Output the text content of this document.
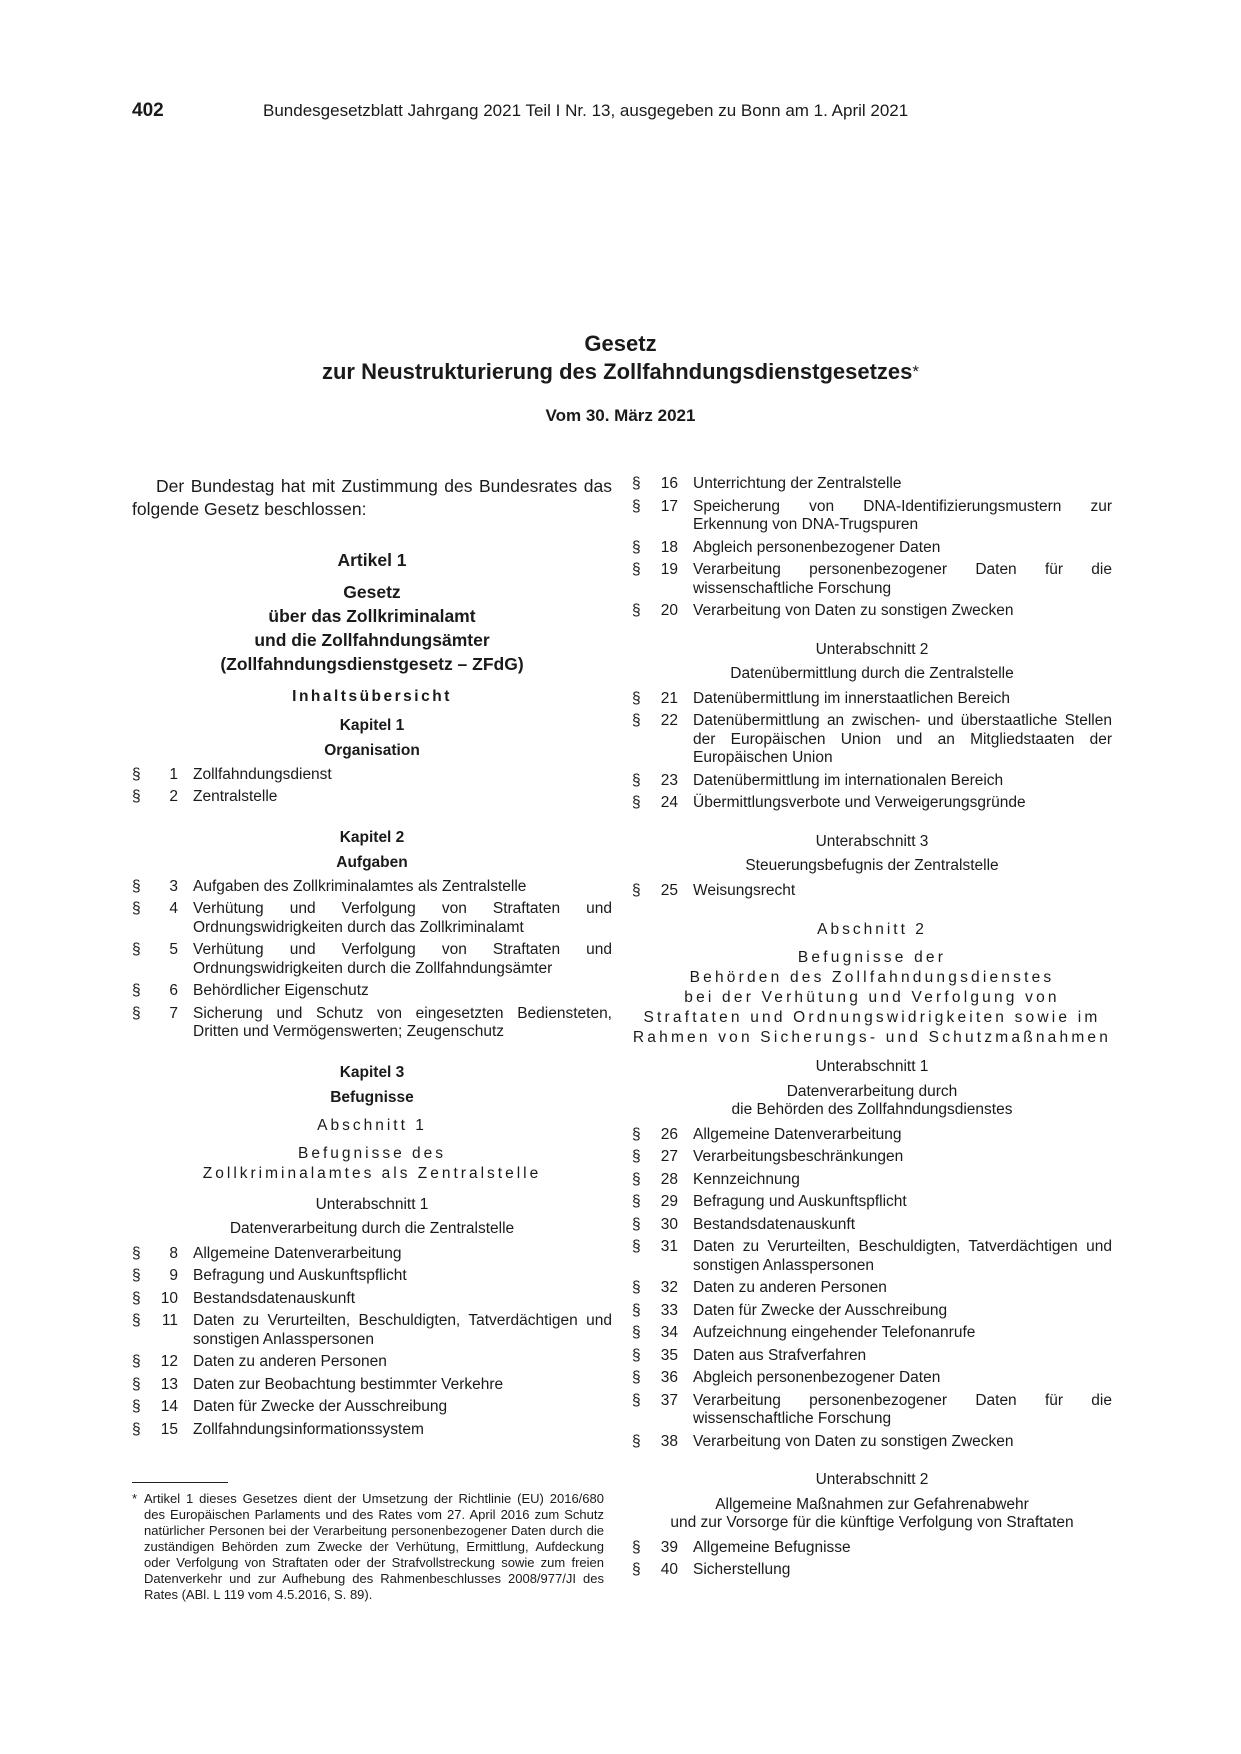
402	Bundesgesetzblatt Jahrgang 2021 Teil I Nr. 13, ausgegeben zu Bonn am 1. April 2021
Gesetz
zur Neustrukturierung des Zollfahndungsdienstgesetzes*
Vom 30. März 2021

Der Bundestag hat mit Zustimmung des Bundesrates das folgende Gesetz beschlossen:

Artikel 1
Gesetz
über das Zollkriminalamt
und die Zollfahndungsämter
(Zollfahndungsdienstgesetz – ZFdG)
Inhaltsübersicht
Kapitel 1
Organisation
§	1 Zollfahndungsdienst
§	2 Zentralstelle
Kapitel 2
Aufgaben
§	3 Aufgaben des Zollkriminalamtes als Zentralstelle
§	4 Verhütung und Verfolgung von Straftaten und Ordnungswidrigkeiten durch das Zollkriminalamt
§	5 Verhütung und Verfolgung von Straftaten und Ordnungswidrigkeiten durch die Zollfahndungsämter
§	6 Behördlicher Eigenschutz
§	7 Sicherung und Schutz von eingesetzten Bediensteten, Dritten und Vermögenswerten; Zeugenschutz
Kapitel 3
Befugnisse
Abschnitt 1
Befugnisse des
Zollkriminalamtes als Zentralstelle
Unterabschnitt 1
Datenverarbeitung durch die Zentralstelle
§	8 Allgemeine Datenverarbeitung
§	9 Befragung und Auskunftspflicht
§	10 Bestandsdatenauskunft
§	11 Daten zu Verurteilten, Beschuldigten, Tatverdächtigen und sonstigen Anlasspersonen
§	12 Daten zu anderen Personen
§	13 Daten zur Beobachtung bestimmter Verkehre
§	14 Daten für Zwecke der Ausschreibung
§	15 Zollfahndungsinformationssystem
§	16 Unterrichtung der Zentralstelle
§	17 Speicherung von DNA-Identifizierungsmustern zur Erkennung von DNA-Trugspuren
§	18 Abgleich personenbezogener Daten
§	19 Verarbeitung personenbezogener Daten für die wissenschaftliche Forschung
§	20 Verarbeitung von Daten zu sonstigen Zwecken
Unterabschnitt 2
Datenübermittlung durch die Zentralstelle
§	21 Datenübermittlung im innerstaatlichen Bereich
§	22 Datenübermittlung an zwischen- und überstaatliche Stellen der Europäischen Union und an Mitgliedstaaten der Europäischen Union
§	23 Datenübermittlung im internationalen Bereich
§	24 Übermittlungsverbote und Verweigerungsgründe
Unterabschnitt 3
Steuerungsbefugnis der Zentralstelle
§	25 Weisungsrecht
Abschnitt 2
Befugnisse der
Behörden des Zollfahndungsdienstes
bei der Verhütung und Verfolgung von
Straftaten und Ordnungswidrigkeiten sowie im
Rahmen von Sicherungs- und Schutzmaßnahmen
Unterabschnitt 1
Datenverarbeitung durch
die Behörden des Zollfahndungsdienstes
§	26 Allgemeine Datenverarbeitung
§	27 Verarbeitungsbeschränkungen
§	28 Kennzeichnung
§	29 Befragung und Auskunftspflicht
§	30 Bestandsdatenauskunft
§	31 Daten zu Verurteilten, Beschuldigten, Tatverdächtigen und sonstigen Anlasspersonen
§	32 Daten zu anderen Personen
§	33 Daten für Zwecke der Ausschreibung
§	34 Aufzeichnung eingehender Telefonanrufe
§	35 Daten aus Strafverfahren
§	36 Abgleich personenbezogener Daten
§	37 Verarbeitung personenbezogener Daten für die wissenschaftliche Forschung
§	38 Verarbeitung von Daten zu sonstigen Zwecken
Unterabschnitt 2
Allgemeine Maßnahmen zur Gefahrenabwehr
und zur Vorsorge für die künftige Verfolgung von Straftaten
§	39 Allgemeine Befugnisse
§	40 Sicherstellung
* Artikel 1 dieses Gesetzes dient der Umsetzung der Richtlinie (EU) 2016/680 des Europäischen Parlaments und des Rates vom 27. April 2016 zum Schutz natürlicher Personen bei der Verarbeitung personenbezogener Daten durch die zuständigen Behörden zum Zwecke der Verhütung, Ermittlung, Aufdeckung oder Verfolgung von Straftaten oder der Strafvollstreckung sowie zum freien Datenverkehr und zur Aufhebung des Rahmenbeschlusses 2008/977/JI des Rates (ABl. L 119 vom 4.5.2016, S. 89).
